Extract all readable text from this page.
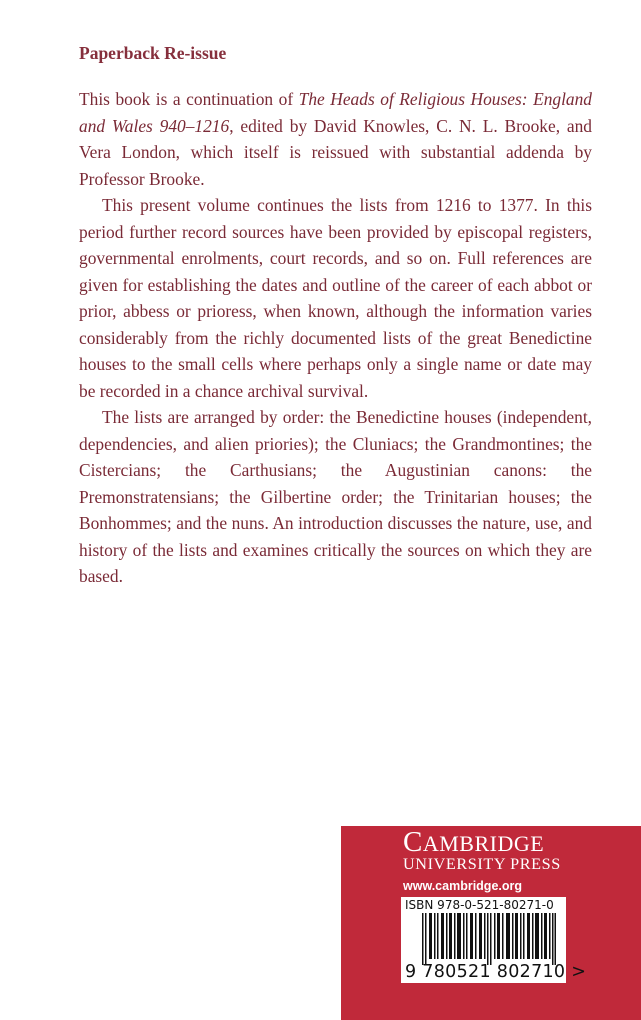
Paperback Re-issue

This book is a continuation of The Heads of Religious Houses: England and Wales 940–1216, edited by David Knowles, C. N. L. Brooke, and Vera London, which itself is reissued with substantial addenda by Professor Brooke.

This present volume continues the lists from 1216 to 1377. In this period further record sources have been provided by episcopal registers, governmental enrolments, court records, and so on. Full references are given for establishing the dates and outline of the career of each abbot or prior, abbess or prioress, when known, although the information varies considerably from the richly documented lists of the great Benedictine houses to the small cells where perhaps only a single name or date may be recorded in a chance archival survival.

The lists are arranged by order: the Benedictine houses (independent, dependencies, and alien priories); the Cluniacs; the Grandmontines; the Cistercians; the Carthusians; the Augustinian canons: the Premonstratensians; the Gilbertine order; the Trinitarian houses; the Bonhommes; and the nuns. An introduction discusses the nature, use, and history of the lists and examines critically the sources on which they are based.

CAMBRIDGE
UNIVERSITY PRESS
www.cambridge.org
ISBN 978-0-521-80271-0
9 780521 802710 >
